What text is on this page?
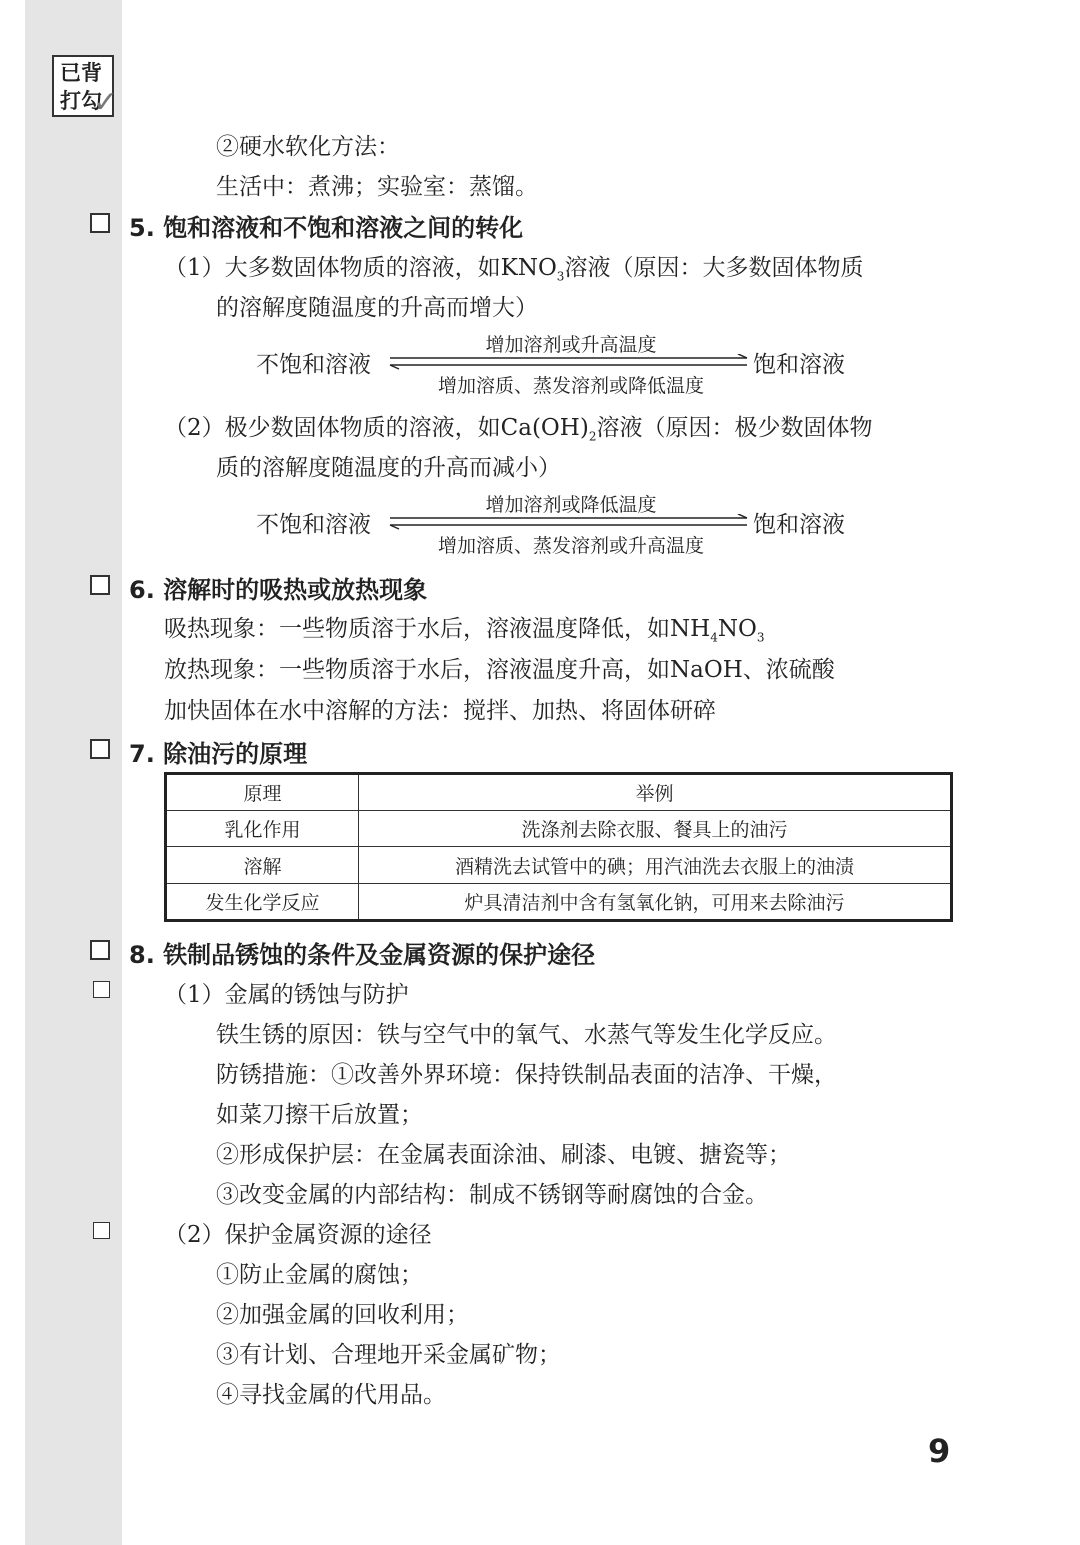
已背
打勾
✓
②硬水软化方法：
生活中：煮沸；实验室：蒸馏。
5. 饱和溶液和不饱和溶液之间的转化
（1）大多数固体物质的溶液，如$KNO_3$溶液（原因：大多数固体物质
的溶解度随温度的升高而增大）
不饱和溶液
增加溶剂或升高温度
增加溶质、蒸发溶剂或降低温度
饱和溶液
（2）极少数固体物质的溶液，如$Ca(OH)_2$溶液（原因：极少数固体物
质的溶解度随温度的升高而减小）
不饱和溶液
增加溶剂或降低温度
增加溶质、蒸发溶剂或升高温度
饱和溶液
6. 溶解时的吸热或放热现象
吸热现象：一些物质溶于水后，溶液温度降低，如$NH_4NO_3$
放热现象：一些物质溶于水后，溶液温度升高，如NaOH、浓硫酸
加快固体在水中溶解的方法：搅拌、加热、将固体研碎
7. 除油污的原理
原理	举例
乳化作用	洗涤剂去除衣服、餐具上的油污
溶解	酒精洗去试管中的碘；用汽油洗去衣服上的油渍
发生化学反应	炉具清洁剂中含有氢氧化钠，可用来去除油污
8. 铁制品锈蚀的条件及金属资源的保护途径
（1）金属的锈蚀与防护
铁生锈的原因：铁与空气中的氧气、水蒸气等发生化学反应。
防锈措施：①改善外界环境：保持铁制品表面的洁净、干燥，
如菜刀擦干后放置；
②形成保护层：在金属表面涂油、刷漆、电镀、搪瓷等；
③改变金属的内部结构：制成不锈钢等耐腐蚀的合金。
（2）保护金属资源的途径
①防止金属的腐蚀；
②加强金属的回收利用；
③有计划、合理地开采金属矿物；
④寻找金属的代用品。
9
